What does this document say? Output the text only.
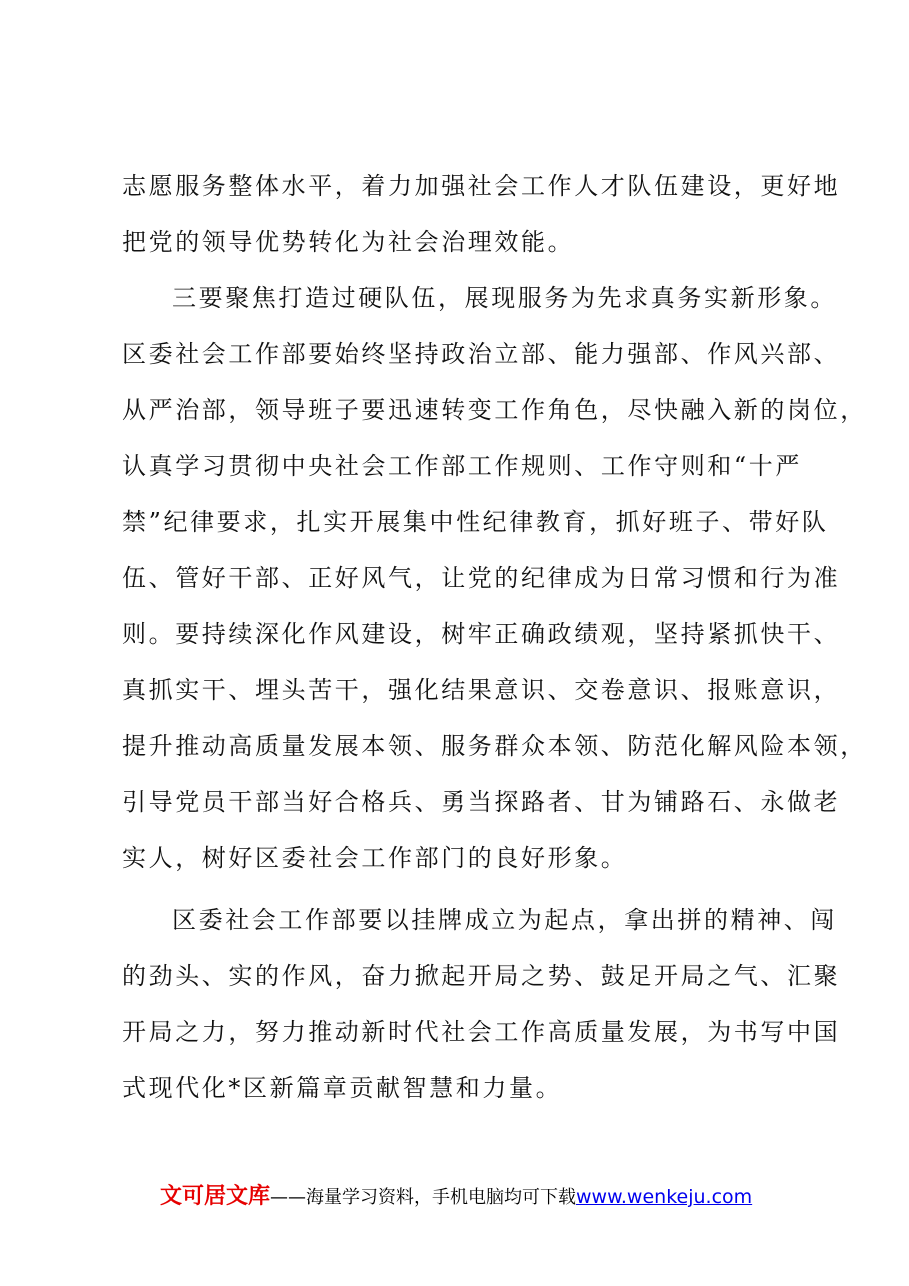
志愿服务整体水平，着力加强社会工作人才队伍建设，更好地
把党的领导优势转化为社会治理效能。
三要聚焦打造过硬队伍，展现服务为先求真务实新形象。
区委社会工作部要始终坚持政治立部、能力强部、作风兴部、
从严治部，领导班子要迅速转变工作角色，尽快融入新的岗位，
认真学习贯彻中央社会工作部工作规则、工作守则和“十严
禁”纪律要求，扎实开展集中性纪律教育，抓好班子、带好队
伍、管好干部、正好风气，让党的纪律成为日常习惯和行为准
则。要持续深化作风建设，树牢正确政绩观，坚持紧抓快干、
真抓实干、埋头苦干，强化结果意识、交卷意识、报账意识，
提升推动高质量发展本领、服务群众本领、防范化解风险本领，
引导党员干部当好合格兵、勇当探路者、甘为铺路石、永做老
实人，树好区委社会工作部门的良好形象。
区委社会工作部要以挂牌成立为起点，拿出拼的精神、闯
的劲头、实的作风，奋力掀起开局之势、鼓足开局之气、汇聚
开局之力，努力推动新时代社会工作高质量发展，为书写中国
式现代化*区新篇章贡献智慧和力量。
文可居文库——海量学习资料，手机电脑均可下载www.wenkeju.com
